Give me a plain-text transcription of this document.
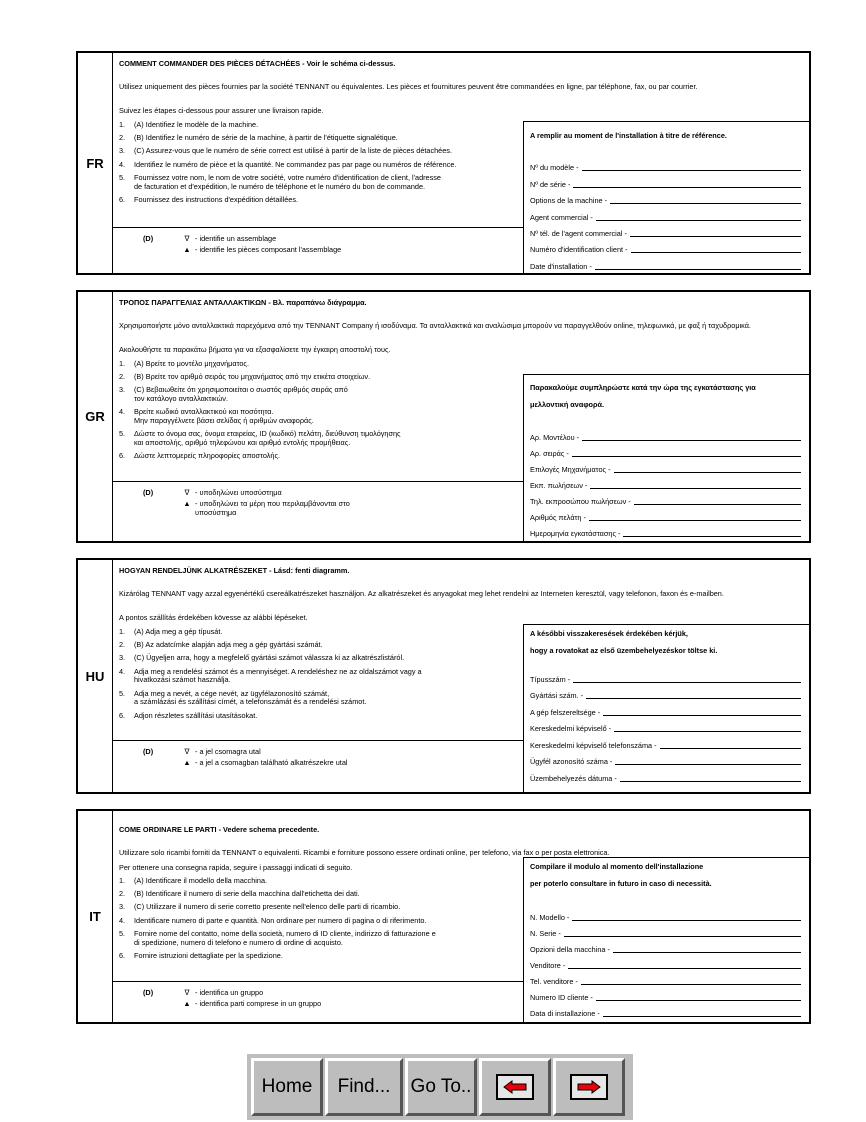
FR
COMMENT COMMANDER DES PIÈCES DÉTACHÉES - Voir le schéma ci-dessus.
Utilisez uniquement des pièces fournies par la société TENNANT ou équivalentes. Les pièces et fournitures peuvent être commandées en ligne, par téléphone, fax, ou par courrier.
Suivez les étapes ci-dessous pour assurer une livraison rapide.
1.	(A) Identifiez le modèle de la machine.
2.	(B) Identifiez le numéro de série de la machine, à partir de l'étiquette signalétique.
3.	(C) Assurez-vous que le numéro de série correct est utilisé à partir de la liste de pièces détachées.
4.	Identifiez le numéro de pièce et la quantité. Ne commandez pas par page ou numéros de référence.
5.	Fournissez votre nom, le nom de votre société, votre numéro d'identification de client, l'adresse
de facturation et d'expédition, le numéro de téléphone et le numéro du bon de commande.
6.	Fournissez des instructions d'expédition détaillées.
(D)	∇ - identifie un assemblage
▲ - identifie les pièces composant l'assemblage
A remplir au moment de l'installation à titre de référence.
Nº du modèle -
Nº de série -
Options de la machine -
Agent commercial -
Nº tél. de l'agent commercial -
Numéro d'identification client -
Date d'installation -
GR
ΤΡΟΠΟΣ ΠΑΡΑΓΓΕΛΙΑΣ ΑΝΤΑΛΛΑΚΤΙΚΩΝ - Βλ. παραπάνω διάγραμμα.
Χρησιμοποιήστε μόνο ανταλλακτικά παρεχόμενα από την TENNANT Company ή ισοδύναμα. Τα ανταλλακτικά και αναλώσιμα μπορούν να παραγγελθούν online, τηλεφωνικά, με φαξ ή ταχυδρομικά.
Ακολουθήστε τα παρακάτω βήματα για να εξασφαλίσετε την έγκαιρη αποστολή τους.
1.	(A) Βρείτε το μοντέλο μηχανήματος.
2.	(B) Βρείτε τον αριθμό σειράς του μηχανήματος από την ετικέτα στοιχείων.
3.	(C) Βεβαιωθείτε ότι χρησιμοποιείται ο σωστός αριθμός σειράς από
τον κατάλογο ανταλλακτικών.
4.	Βρείτε κωδικό ανταλλακτικού και ποσότητα.
Μην παραγγέλνετε βάσει σελίδας ή αριθμών αναφοράς.
5.	Δώστε το όνομα σας, όνομα εταιρείας, ID (κωδικό) πελάτη, διεύθυνση τιμολόγησης
και αποστολής, αριθμό τηλεφώνου και αριθμό εντολής προμήθειας.
6.	Δώστε λεπτομερείς πληροφορίες αποστολής.
(D)	∇ - υποδηλώνει υποσύστημα
▲ - υποδηλώνει τα μέρη που περιλαμβάνονται στο
υποσύστημα
Παρακαλούμε συμπληρώστε κατά την ώρα της εγκατάστασης για
μελλοντική αναφορά.
Αρ. Μοντέλου -
Αρ. σειράς -
Επιλογές Μηχανήματος -
Εκπ. πωλήσεων -
Τηλ. εκπροσώπου πωλήσεων -
Αριθμός πελάτη -
Ημερομηνία εγκατάστασης -
HU
HOGYAN RENDELJÜNK ALKATRÉSZEKET - Lásd: fenti diagramm.
Kizárólag TENNANT vagy azzal egyenértékű csereálkatrészeket használjon. Az alkatrészeket és anyagokat meg lehet rendelni az Interneten keresztül, vagy telefonon, faxon és e-mailben.
A pontos szállítás érdekében kövesse az alábbi lépéseket.
1.	(A) Adja meg a gép típusát.
2.	(B) Az adatcímke alapján adja meg a gép gyártási számát.
3.	(C) Ügyeljen arra, hogy a megfelelő gyártási számot válassza ki az alkatrészlistáról.
4.	Adja meg a rendelési számot és a mennyiséget. A rendeléshez ne az oldalszámot vagy a
hivatkozási számot használja.
5.	Adja meg a nevét, a cége nevét, az ügyfélazonosító számát,
a számlázási és szállítási címét, a telefonszámát és a rendelési számot.
6.	Adjon részletes szállítási utasításokat.
(D)	∇ - a jel csomagra utal
▲ - a jel a csomagban található alkatrészekre utal
A későbbi visszakeresések érdekében kérjük,
hogy a rovatokat az első üzembehelyezéskor töltse ki.
Típusszám -
Gyártási szám. -
A gép felszereltsége -
Kereskedelmi képviselő -
Kereskedelmi képviselő telefonszáma -
Ügyfél azonosító száma -
Üzembehelyezés dátuma -
IT
COME ORDINARE LE PARTI - Vedere schema precedente.
Utilizzare solo ricambi forniti da TENNANT o equivalenti. Ricambi e forniture possono essere ordinati online, per telefono, via fax o per posta elettronica.
Per ottenere una consegna rapida, seguire i passaggi indicati di seguito.
1.	(A) Identificare il modello della macchina.
2.	(B) Identificare il numero di serie della macchina dall'etichetta dei dati.
3.	(C) Utilizzare il numero di serie corretto presente nell'elenco delle parti di ricambio.
4.	Identificare numero di parte e quantità. Non ordinare per numero di pagina o di riferimento.
5.	Fornire nome del contatto, nome della società, numero di ID cliente, indirizzo di fatturazione e
di spedizione, numero di telefono e numero di ordine di acquisto.
6.	Fornire istruzioni dettagliate per la spedizione.
(D)	∇ - identifica un gruppo
▲ - identifica parti comprese in un gruppo
Compilare il modulo al momento dell'installazione
per poterlo consultare in futuro in caso di necessità.
N. Modello -
N. Serie -
Opzioni della macchina -
Venditore -
Tel. venditore -
Numero ID cliente -
Data di installazione -
Home	Find...	Go To..
